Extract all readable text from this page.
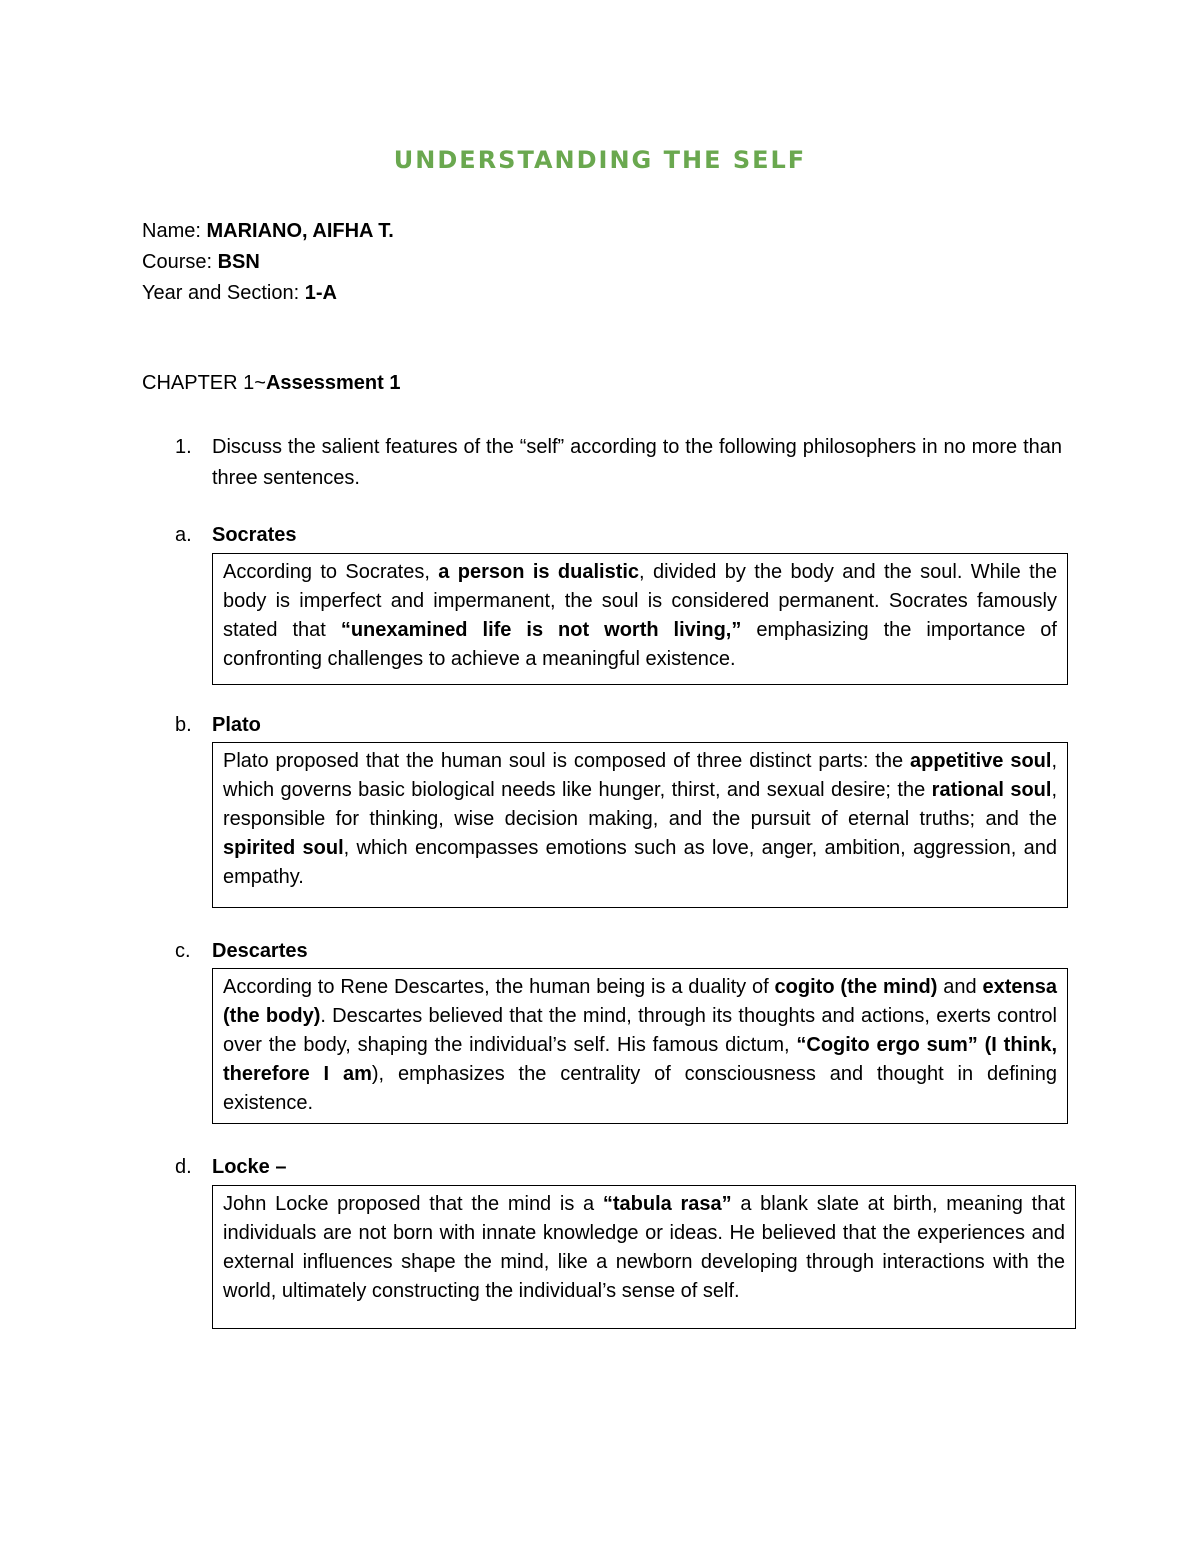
UNDERSTANDING THE SELF
Name: MARIANO, AIFHA T.
Course: BSN
Year and Section: 1-A
CHAPTER 1~Assessment 1
1. Discuss the salient features of the “self” according to the following philosophers in no more than three sentences.
a. Socrates
According to Socrates, a person is dualistic, divided by the body and the soul. While the body is imperfect and impermanent, the soul is considered permanent. Socrates famously stated that “unexamined life is not worth living,” emphasizing the importance of confronting challenges to achieve a meaningful existence.
b. Plato
Plato proposed that the human soul is composed of three distinct parts: the appetitive soul, which governs basic biological needs like hunger, thirst, and sexual desire; the rational soul, responsible for thinking, wise decision making, and the pursuit of eternal truths; and the spirited soul, which encompasses emotions such as love, anger, ambition, aggression, and empathy.
c. Descartes
According to Rene Descartes, the human being is a duality of cogito (the mind) and extensa (the body). Descartes believed that the mind, through its thoughts and actions, exerts control over the body, shaping the individual’s self. His famous dictum, “Cogito ergo sum” (I think, therefore I am), emphasizes the centrality of consciousness and thought in defining existence.
d. Locke –
John Locke proposed that the mind is a “tabula rasa” a blank slate at birth, meaning that individuals are not born with innate knowledge or ideas. He believed that the experiences and external influences shape the mind, like a newborn developing through interactions with the world, ultimately constructing the individual’s sense of self.
